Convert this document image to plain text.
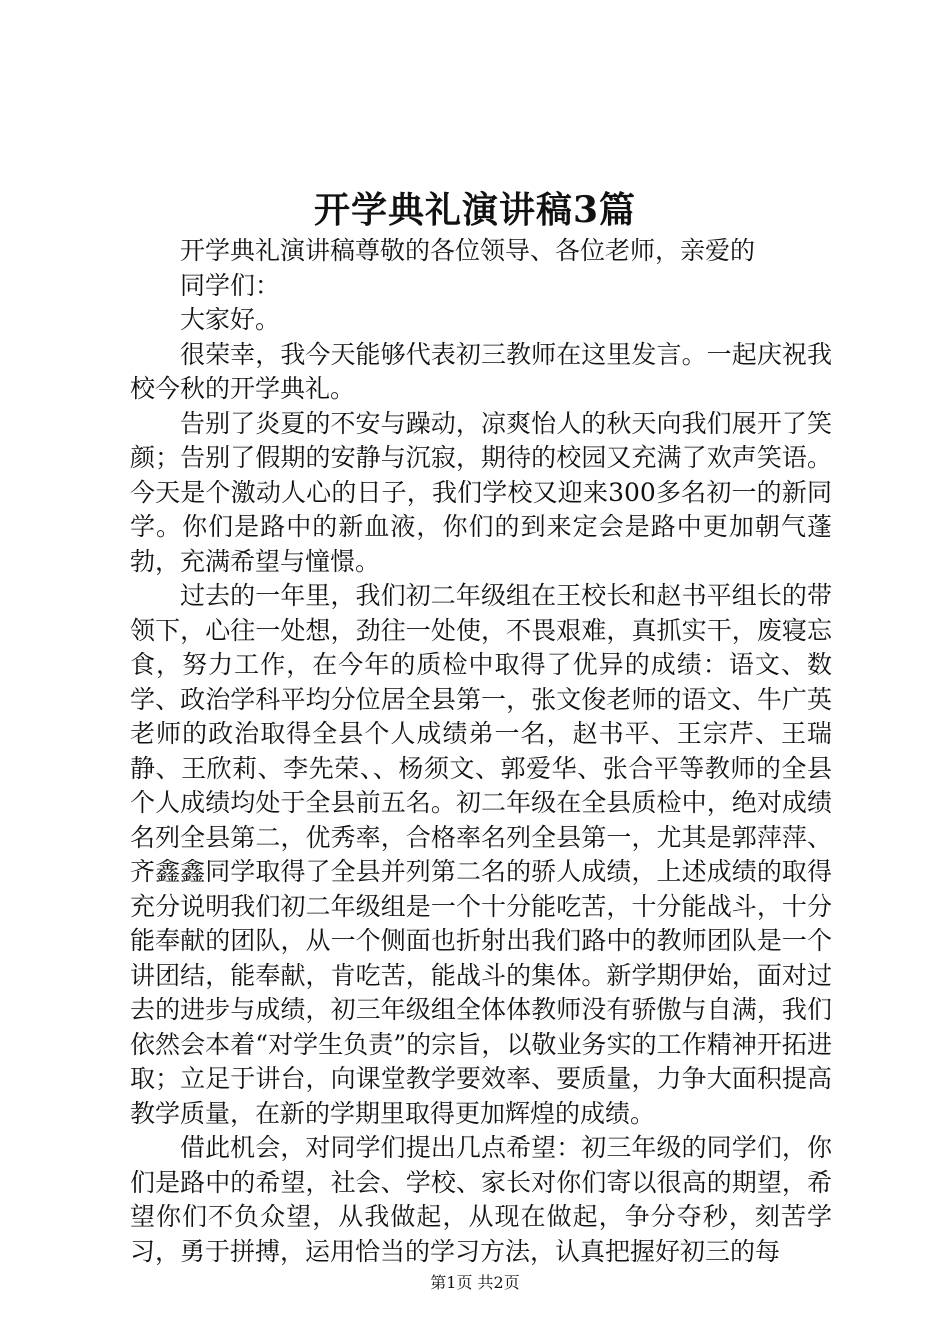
开学典礼演讲稿3篇

开学典礼演讲稿尊敬的各位领导、各位老师，亲爱的

同学们：

大家好。

很荣幸，我今天能够代表初三教师在这里发言。一起庆祝我校今秋的开学典礼。

告别了炎夏的不安与躁动，凉爽怡人的秋天向我们展开了笑颜；告别了假期的安静与沉寂，期待的校园又充满了欢声笑语。今天是个激动人心的日子，我们学校又迎来300多名初一的新同学。你们是路中的新血液，你们的到来定会是路中更加朝气蓬勃，充满希望与憧憬。

过去的一年里，我们初二年级组在王校长和赵书平组长的带领下，心往一处想，劲往一处使，不畏艰难，真抓实干，废寝忘食，努力工作，在今年的质检中取得了优异的成绩：语文、数学、政治学科平均分位居全县第一，张文俊老师的语文、牛广英老师的政治取得全县个人成绩弟一名，赵书平、王宗芹、王瑞静、王欣莉、李先荣、、杨须文、郭爱华、张合平等教师的全县个人成绩均处于全县前五名。初二年级在全县质检中，绝对成绩名列全县第二，优秀率，合格率名列全县第一，尤其是郭萍萍、齐鑫鑫同学取得了全县并列第二名的骄人成绩，上述成绩的取得充分说明我们初二年级组是一个十分能吃苦，十分能战斗，十分能奉献的团队，从一个侧面也折射出我们路中的教师团队是一个讲团结，能奉献，肯吃苦，能战斗的集体。新学期伊始，面对过去的进步与成绩，初三年级组全体体教师没有骄傲与自满，我们依然会本着“对学生负责”的宗旨，以敬业务实的工作精神开拓进取；立足于讲台，向课堂教学要效率、要质量，力争大面积提高教学质量，在新的学期里取得更加辉煌的成绩。

借此机会，对同学们提出几点希望：初三年级的同学们，你们是路中的希望，社会、学校、家长对你们寄以很高的期望，希望你们不负众望，从我做起，从现在做起，争分夺秒，刻苦学习，勇于拼搏，运用恰当的学习方法，认真把握好初三的每

第1页 共2页
